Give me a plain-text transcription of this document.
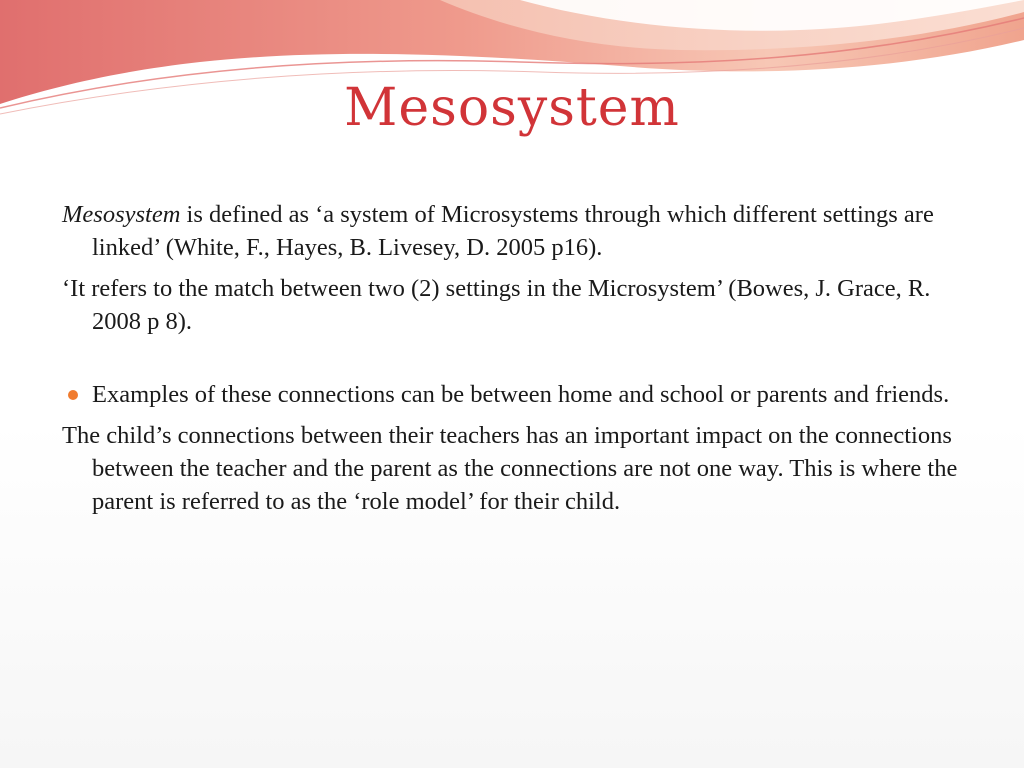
Mesosystem

Mesosystem is defined as ‘a system of Microsystems through which different settings are linked’ (White, F., Hayes, B. Livesey, D. 2005 p16).

‘It refers to the match between two (2) settings in the Microsystem’ (Bowes, J. Grace, R. 2008 p 8).

Examples of these connections can be between home and school or parents and friends.

The child’s connections between their teachers has an important impact on the connections between the teacher and the parent as the connections are not one way. This is where the parent is referred to as the ‘role model’ for their child.
